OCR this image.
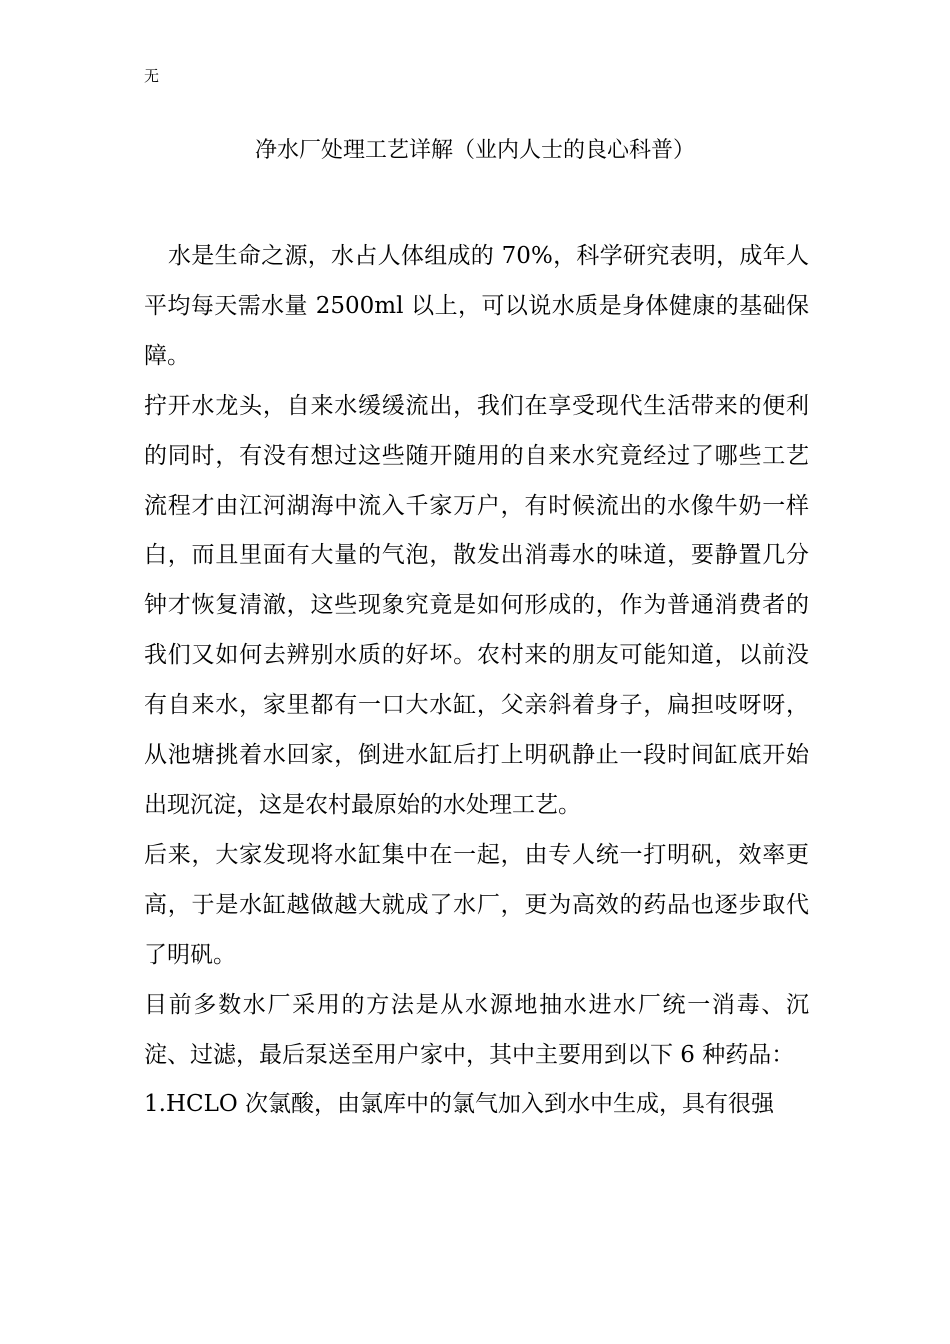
无
净水厂处理工艺详解（业内人士的良心科普）

水是生命之源，水占人体组成的 70%，科学研究表明，成年人平均每天需水量 2500ml 以上，可以说水质是身体健康的基础保障。

拧开水龙头，自来水缓缓流出，我们在享受现代生活带来的便利的同时，有没有想过这些随开随用的自来水究竟经过了哪些工艺流程才由江河湖海中流入千家万户，有时候流出的水像牛奶一样白，而且里面有大量的气泡，散发出消毒水的味道，要静置几分钟才恢复清澈，这些现象究竟是如何形成的，作为普通消费者的我们又如何去辨别水质的好坏。农村来的朋友可能知道，以前没有自来水，家里都有一口大水缸，父亲斜着身子，扁担吱呀呀，从池塘挑着水回家，倒进水缸后打上明矾静止一段时间缸底开始出现沉淀，这是农村最原始的水处理工艺。

后来，大家发现将水缸集中在一起，由专人统一打明矾，效率更高，于是水缸越做越大就成了水厂，更为高效的药品也逐步取代了明矾。

目前多数水厂采用的方法是从水源地抽水进水厂统一消毒、沉淀、过滤，最后泵送至用户家中，其中主要用到以下 6 种药品：

1.HCLO 次氯酸，由氯库中的氯气加入到水中生成，具有很强
